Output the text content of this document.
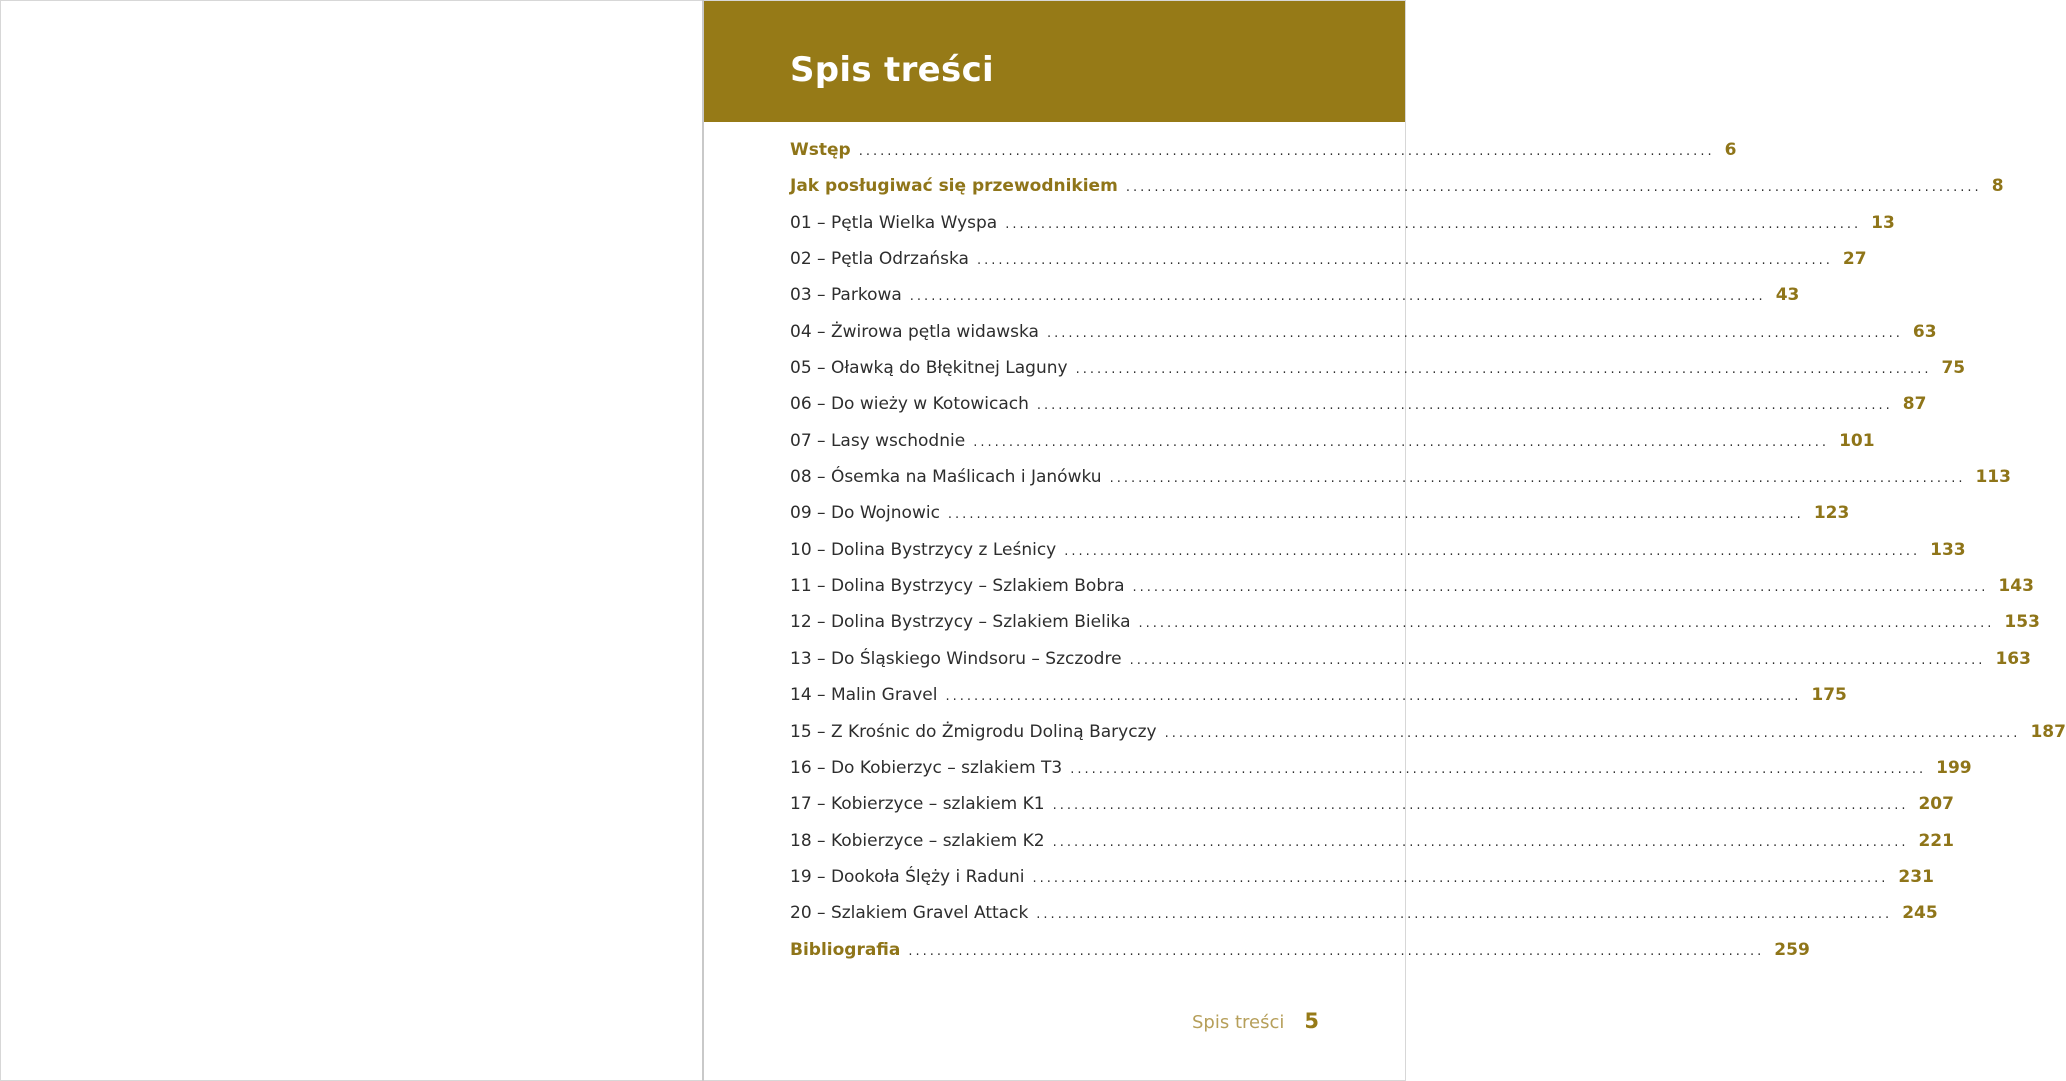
Spis treści
Wstęp ........................................................................................................................ 6
Jak posługiwać się przewodnikiem ........................................................................................................................ 8
01 – Pętla Wielka Wyspa ........................................................................................................................ 13
02 – Pętla Odrzańska ........................................................................................................................ 27
03 – Parkowa ........................................................................................................................ 43
04 – Żwirowa pętla widawska ........................................................................................................................ 63
05 – Oławką do Błękitnej Laguny ........................................................................................................................ 75
06 – Do wieży w Kotowicach ........................................................................................................................ 87
07 – Lasy wschodnie ........................................................................................................................ 101
08 – Ósemka na Maślicach i Janówku ........................................................................................................................ 113
09 – Do Wojnowic ........................................................................................................................ 123
10 – Dolina Bystrzycy z Leśnicy ........................................................................................................................ 133
11 – Dolina Bystrzycy – Szlakiem Bobra ........................................................................................................................ 143
12 – Dolina Bystrzycy – Szlakiem Bielika ........................................................................................................................ 153
13 – Do Śląskiego Windsoru – Szczodre ........................................................................................................................ 163
14 – Malin Gravel ........................................................................................................................ 175
15 – Z Krośnic do Żmigrodu Doliną Baryczy ........................................................................................................................ 187
16 – Do Kobierzyc – szlakiem T3 ........................................................................................................................ 199
17 – Kobierzyce – szlakiem K1 ........................................................................................................................ 207
18 – Kobierzyce – szlakiem K2 ........................................................................................................................ 221
19 – Dookoła Ślęży i Raduni ........................................................................................................................ 231
20 – Szlakiem Gravel Attack ........................................................................................................................ 245
Bibliografia ........................................................................................................................ 259
Spis treści 5
